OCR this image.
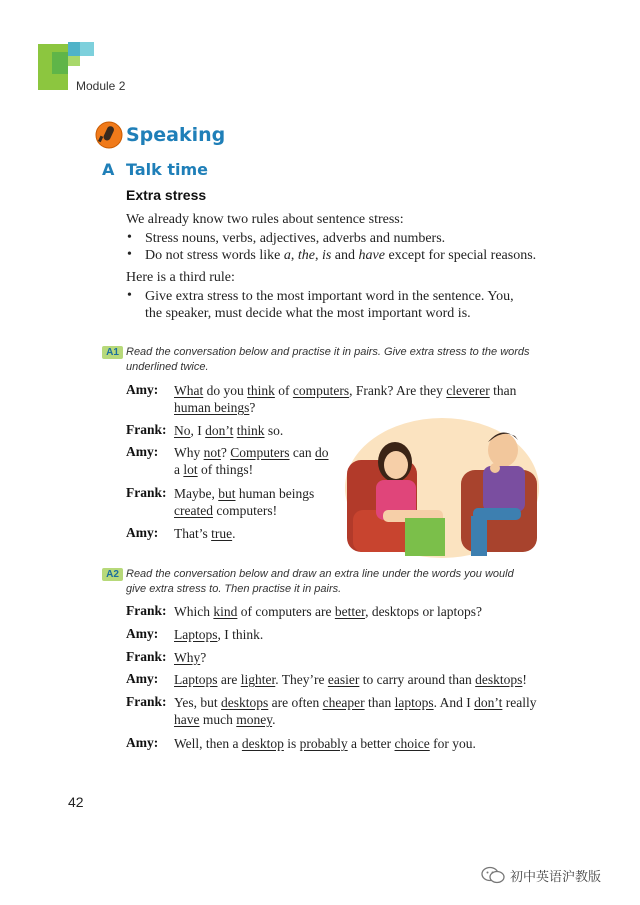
Module 2
Speaking
A Talk time
Extra stress
We already know two rules about sentence stress:
• Stress nouns, verbs, adjectives, adverbs and numbers.
• Do not stress words like a, the, is and have except for special reasons.
Here is a third rule:
• Give extra stress to the most important word in the sentence. You,
the speaker, must decide what the most important word is.
A1 Read the conversation below and practise it in pairs. Give extra stress to the words
underlined twice.
Amy: What do you think of computers, Frank? Are they cleverer than
human beings?
Frank: No, I don’t think so.
Amy: Why not? Computers can do
a lot of things!
Frank: Maybe, but human beings
created computers!
Amy: That’s true.
A2 Read the conversation below and draw an extra line under the words you would
give extra stress to. Then practise it in pairs.
Frank: Which kind of computers are better, desktops or laptops?
Amy: Laptops, I think.
Frank: Why?
Amy: Laptops are lighter. They’re easier to carry around than desktops!
Frank: Yes, but desktops are often cheaper than laptops. And I don’t really
have much money.
Amy: Well, then a desktop is probably a better choice for you.
42
初中英语沪教版
